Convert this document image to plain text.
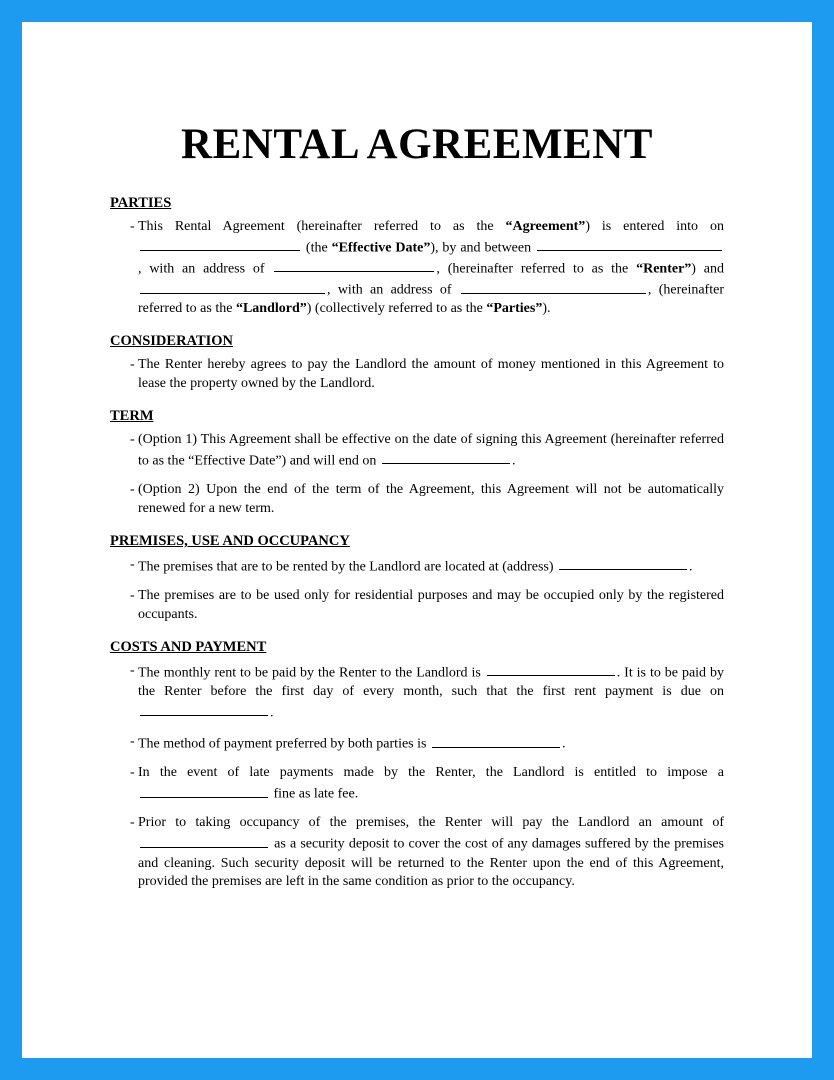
RENTAL AGREEMENT
PARTIES
- This Rental Agreement (hereinafter referred to as the “Agreement”) is entered into on  (the “Effective Date”), by and between , with an address of	, (hereinafter referred to as the “Renter”) and , with an address of	, (hereinafter referred to as the “Landlord”) (collectively referred to as the “Parties”).
CONSIDERATION
- The Renter hereby agrees to pay the Landlord the amount of money mentioned in this Agreement to lease the property owned by the Landlord.
TERM
- (Option 1) This Agreement shall be effective on the date of signing this Agreement (hereinafter referred to as the “Effective Date”) and will end on	.
- (Option 2) Upon the end of the term of the Agreement, this Agreement will not be automatically renewed for a new term.
PREMISES, USE AND OCCUPANCY
- The premises that are to be rented by the Landlord are located at (address)	.
- The premises are to be used only for residential purposes and may be occupied only by the registered occupants.
COSTS AND PAYMENT
- The monthly rent to be paid by the Renter to the Landlord is	. It is to be paid by the Renter before the first day of every month, such that the first rent payment is due on .
- The method of payment preferred by both parties is	.
- In the event of late payments made by the Renter, the Landlord is entitled to impose a  fine as late fee.
- Prior to taking occupancy of the premises, the Renter will pay the Landlord an amount of  as a security deposit to cover the cost of any damages suffered by the premises and cleaning. Such security deposit will be returned to the Renter upon the end of this Agreement, provided the premises are left in the same condition as prior to the occupancy.
